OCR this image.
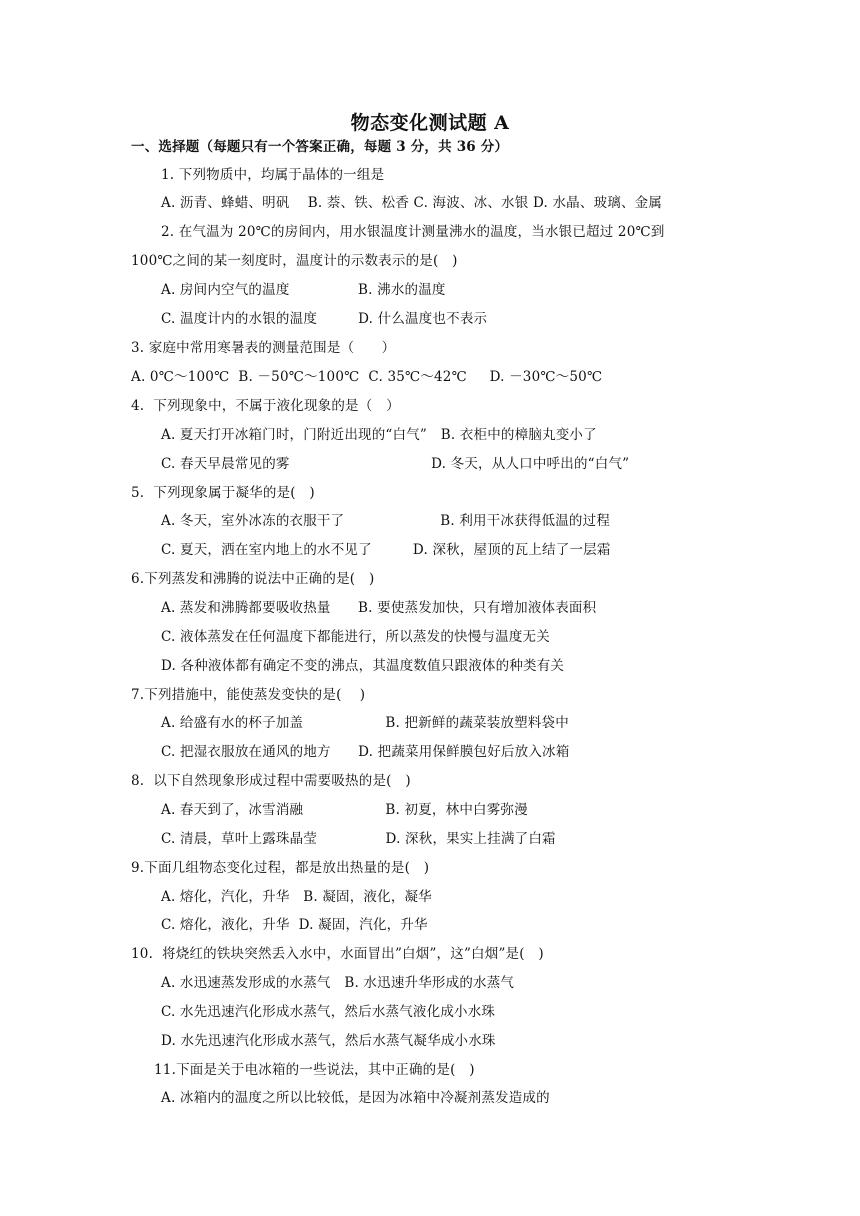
物态变化测试题 A
一、选择题（每题只有一个答案正确，每题 3 分，共 36 分）
1. 下列物质中，均属于晶体的一组是
A. 沥青、蜂蜡、明矾　 B. 萘、铁、松香 C. 海波、冰、水银 D. 水晶、玻璃、金属
2. 在气温为 20℃的房间内，用水银温度计测量沸水的温度，当水银已超过 20℃到
100℃之间的某一刻度时，温度计的示数表示的是(　)
A. 房间内空气的温度　　　　　B. 沸水的温度
C. 温度计内的水银的温度　　　D. 什么温度也不表示
3. 家庭中常用寒暑表的测量范围是（　　）
A. 0℃～100℃  B. －50℃～100℃  C. 35℃～42℃　  D. －30℃～50℃
4.  下列现象中，不属于液化现象的是（　）
A. 夏天打开冰箱门时，门附近出现的“白气”　B. 衣柜中的樟脑丸变小了
C. 春天早晨常见的雾　　　　　　　　　　 D. 冬天，从人口中呼出的“白气”
5.  下列现象属于凝华的是(　)
A. 冬天，室外冰冻的衣服干了　　　　　　　B. 利用干冰获得低温的过程
C. 夏天，洒在室内地上的水不见了　　　D. 深秋，屋顶的瓦上结了一层霜
6.下列蒸发和沸腾的说法中正确的是(　)
A. 蒸发和沸腾都要吸收热量　　B. 要使蒸发加快，只有增加液体表面积
C. 液体蒸发在任何温度下都能进行，所以蒸发的快慢与温度无关
D. 各种液体都有确定不变的沸点，其温度数值只跟液体的种类有关
7.下列措施中，能使蒸发变快的是(　 )
A. 给盛有水的杯子加盖　　　　　　B. 把新鲜的蔬菜装放塑料袋中
C. 把湿衣服放在通风的地方　　D. 把蔬菜用保鲜膜包好后放入冰箱
8.  以下自然现象形成过程中需要吸热的是(　)
A. 春天到了，冰雪消融　　　　　　B. 初夏，林中白雾弥漫
C. 清晨，草叶上露珠晶莹　　　　　D. 深秋，果实上挂满了白霜
9.下面几组物态变化过程，都是放出热量的是(　)
A. 熔化，汽化，升华　B. 凝固，液化，凝华
C. 熔化，液化，升华  D. 凝固，汽化，升华
10.  将烧红的铁块突然丢入水中，水面冒出”白烟”，这”白烟”是(　)
A. 水迅速蒸发形成的水蒸气　B. 水迅速升华形成的水蒸气
C. 水先迅速汽化形成水蒸气，然后水蒸气液化成小水珠
D. 水先迅速汽化形成水蒸气，然后水蒸气凝华成小水珠
11.下面是关于电冰箱的一些说法，其中正确的是(　)
A. 冰箱内的温度之所以比较低，是因为冰箱中冷凝剂蒸发造成的
